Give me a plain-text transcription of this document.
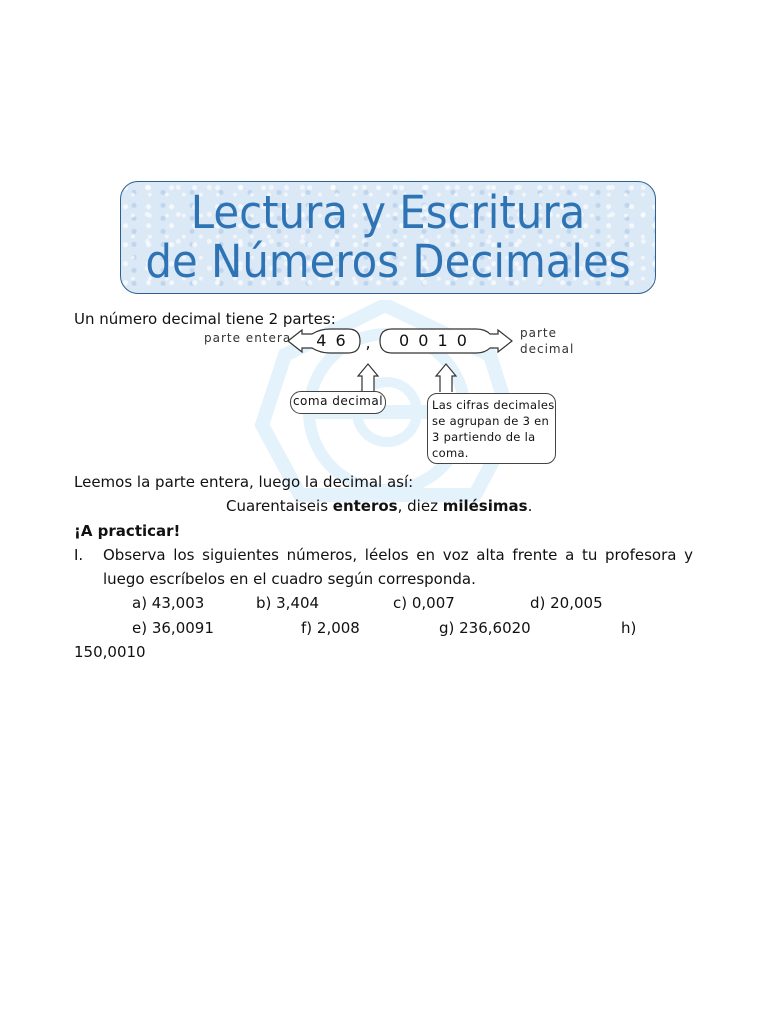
Lectura y Escritura
de Números Decimales
Un número decimal tiene 2 partes:
parte entera 4 6 ,	0 0 1 0	parte
decimal
coma decimal	Las cifras decimales
se agrupan de 3 en
3 partiendo de la
coma.
Leemos la parte entera, luego la decimal así:
Cuarentaiseis enteros, diez milésimas.
¡A practicar!
I. Observa los siguientes números, léelos en voz alta frente a tu profesora y
luego escríbelos en el cuadro según corresponda.
a) 43,003	b) 3,404	c) 0,007	d) 20,005
e) 36,0091	f) 2,008	g) 236,6020	h)
150,0010
